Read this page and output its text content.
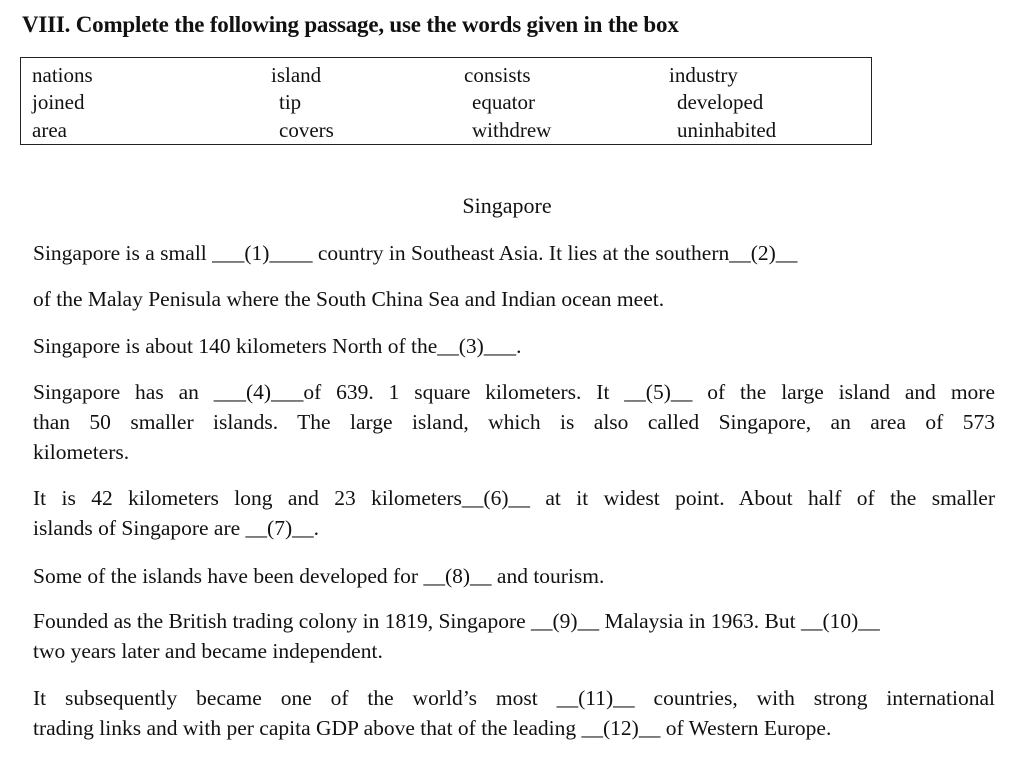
VIII. Complete the following passage, use the words given in the box
nations
joined
area
island
tip
covers
consists
equator
withdrew
industry
developed
uninhabited
Singapore
Singapore is a small ___(1)____ country in Southeast Asia. It lies at the southern__(2)__
of the Malay Penisula where the South China Sea and Indian ocean meet.
Singapore is about 140 kilometers North of the__(3)___.
Singapore has an ___(4)___of 639. 1 square kilometers. It __(5)__ of the large island and more
than 50 smaller islands. The large island, which is also called Singapore, an area of 573
kilometers.
It is 42 kilometers long and 23 kilometers__(6)__ at it widest point. About half of the smaller
islands of Singapore are __(7)__.
Some of the islands have been developed for __(8)__ and tourism.
Founded as the British trading colony in 1819, Singapore __(9)__ Malaysia in 1963. But __(10)__
two years later and became independent.
It subsequently became one of the world’s most __(11)__ countries, with strong international
trading links and with per capita GDP above that of the leading __(12)__ of Western Europe.
